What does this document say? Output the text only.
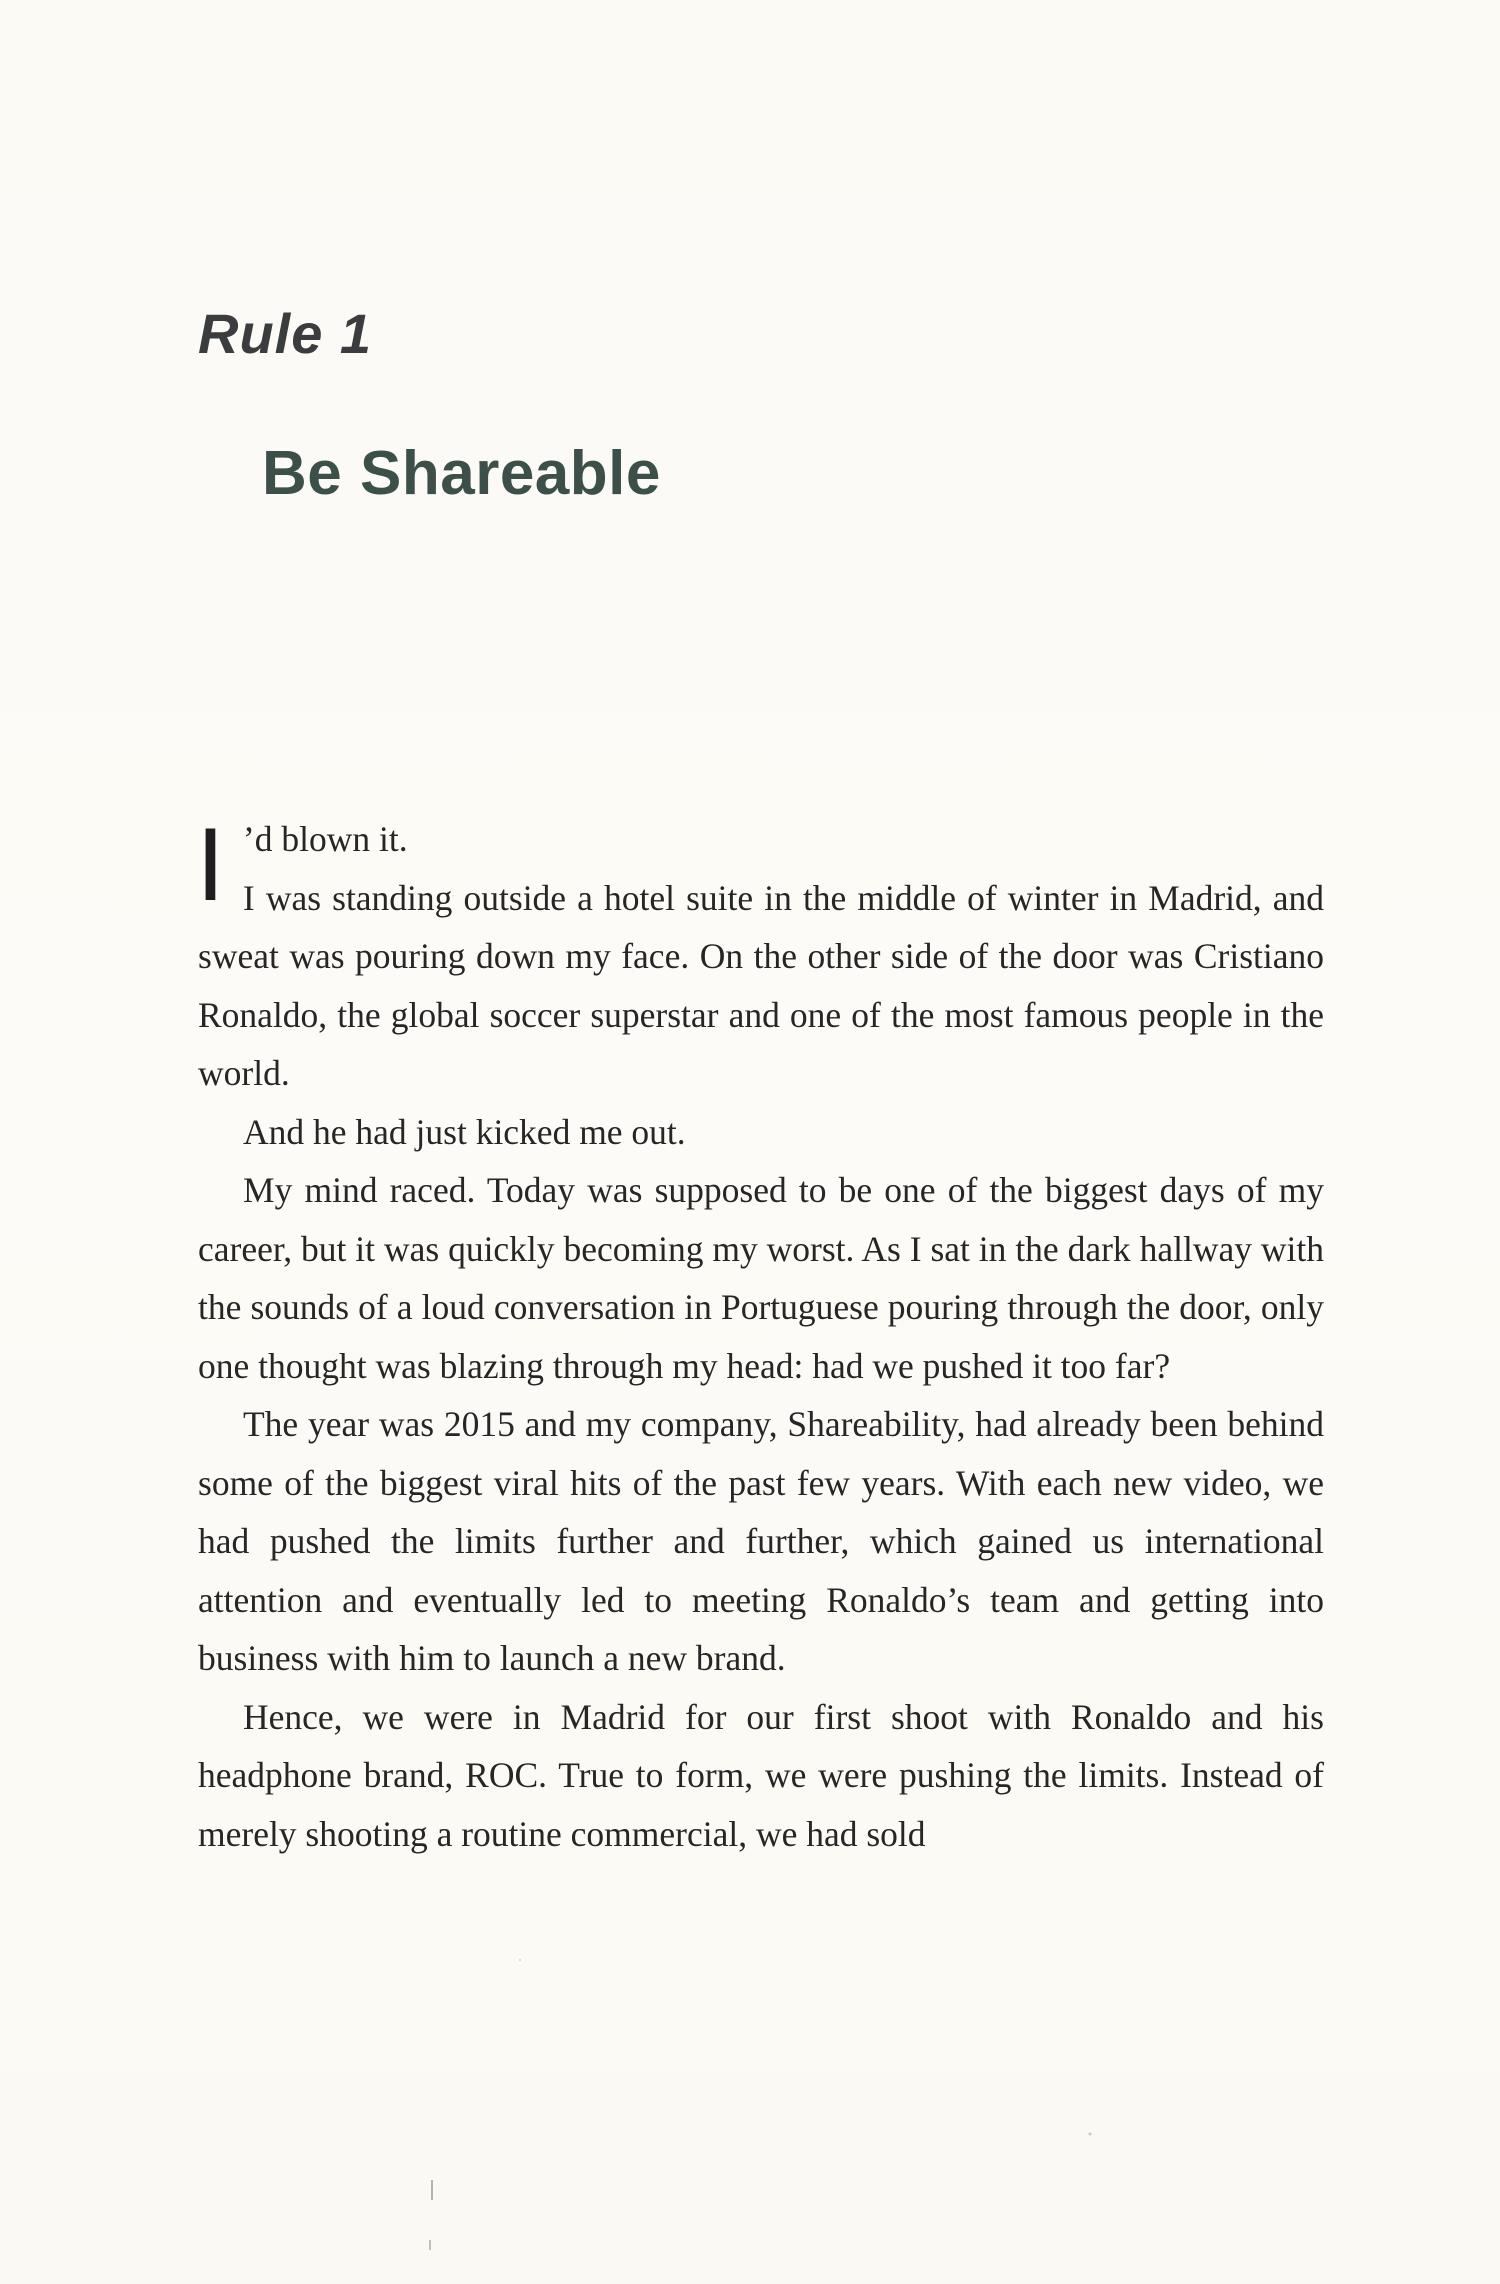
Rule 1
Be Shareable

I ’d blown it.
I was standing outside a hotel suite in the middle of winter in Madrid, and sweat was pouring down my face. On the other side of the door was Cristiano Ronaldo, the global soccer superstar and one of the most famous people in the world.

And he had just kicked me out.

My mind raced. Today was supposed to be one of the biggest days of my career, but it was quickly becoming my worst. As I sat in the dark hallway with the sounds of a loud conversation in Portuguese pouring through the door, only one thought was blazing through my head: had we pushed it too far?

The year was 2015 and my company, Shareability, had already been behind some of the biggest viral hits of the past few years. With each new video, we had pushed the limits further and further, which gained us international attention and eventually led to meeting Ronaldo’s team and getting into business with him to launch a new brand.

Hence, we were in Madrid for our first shoot with Ronaldo and his headphone brand, ROC. True to form, we were pushing the limits. Instead of merely shooting a routine commercial, we had sold
